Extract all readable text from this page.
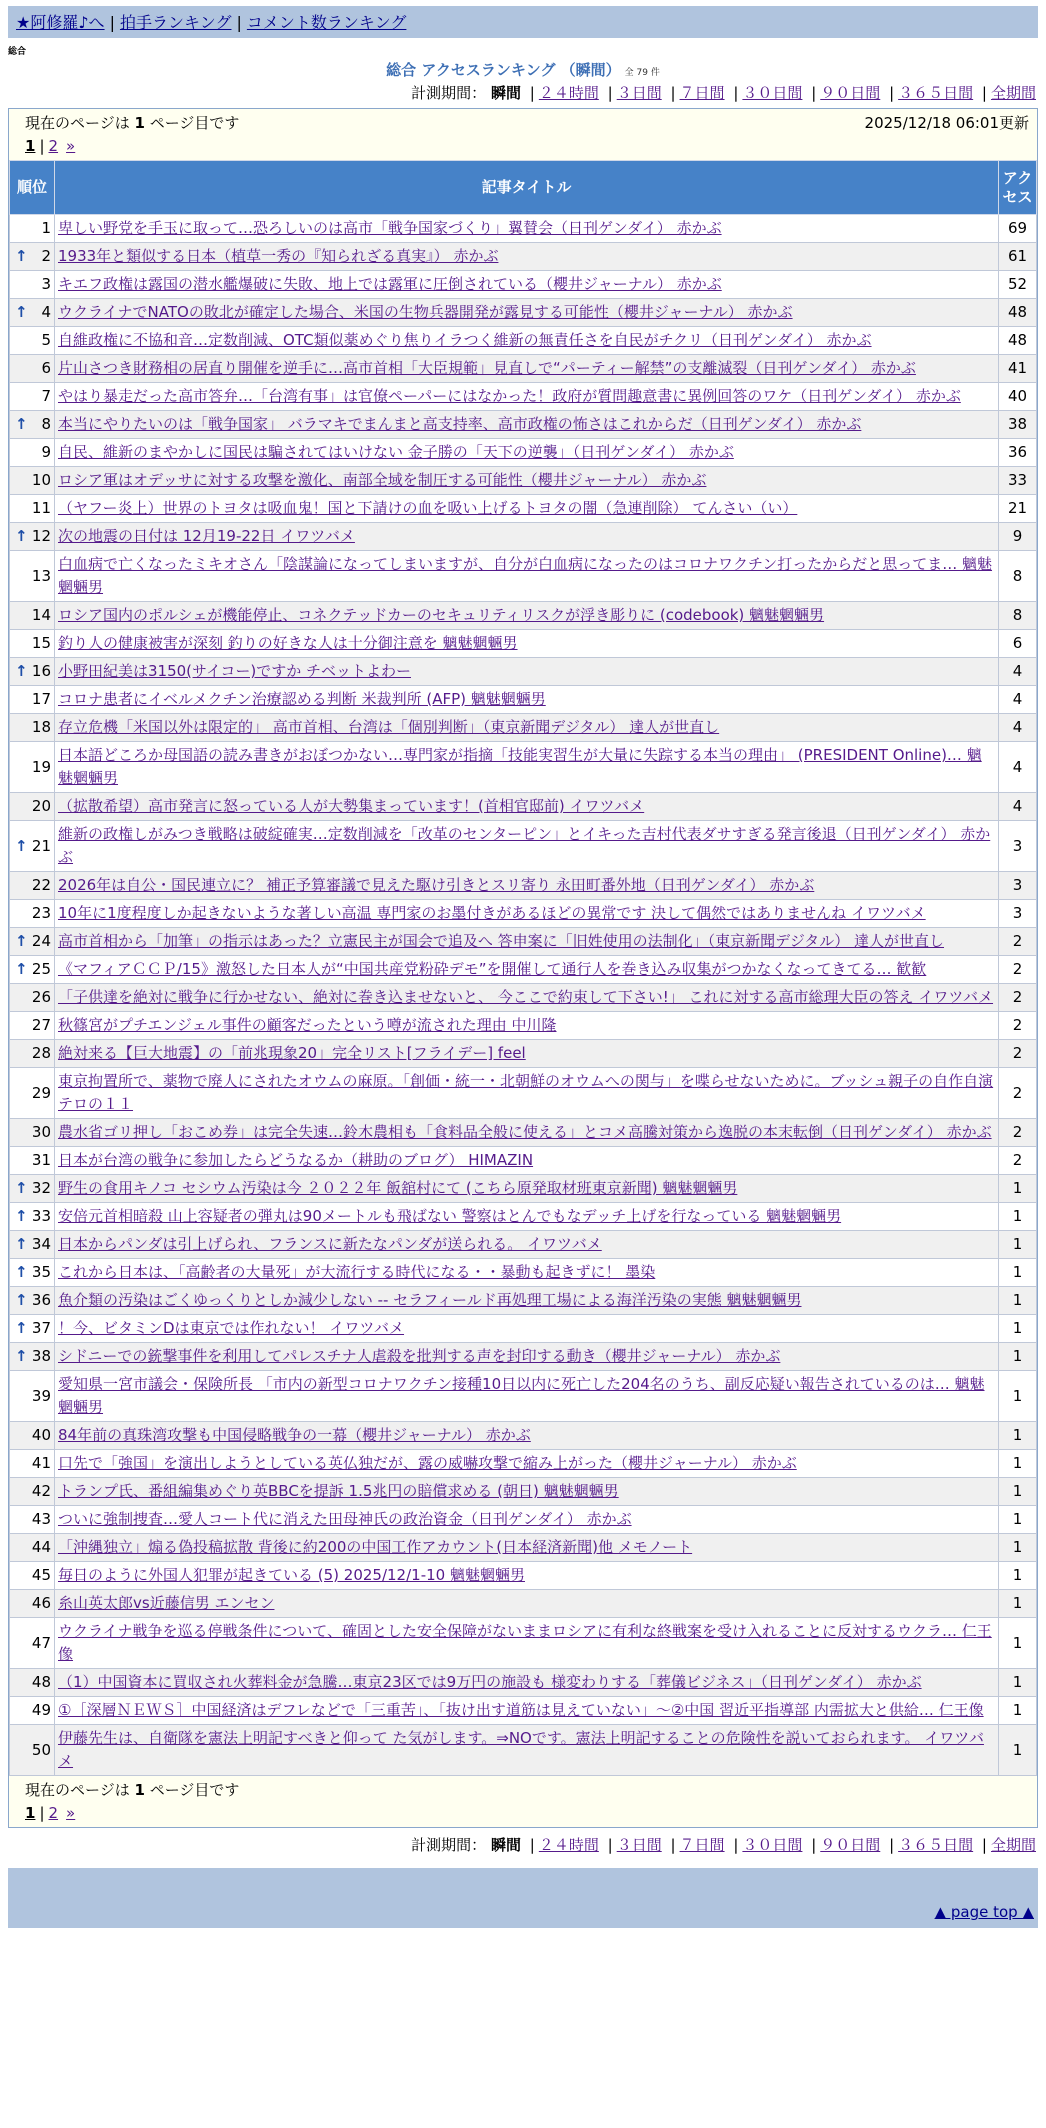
★阿修羅♪へ | 拍手ランキング | コメント数ランキング
総合
総合 アクセスランキング （瞬間） 全 79 件
計測期間： 瞬間 | ２４時間 | ３日間 | ７日間 | ３０日間 | ９０日間 | ３６５日間 | 全期間
現在のページは 1 ページ目です	2025/12/18 06:01更新
1 | 2 »
順位	記事タイトル	アクセス
1	卑しい野党を手玉に取って…恐ろしいのは高市「戦争国家づくり」翼賛会（日刊ゲンダイ） 赤かぶ	69

↑ 2	1933年と類似する日本（植草一秀の『知られざる真実』） 赤かぶ	61
3	キエフ政権は露国の潜水艦爆破に失敗、地上では露軍に圧倒されている（櫻井ジャーナル） 赤かぶ	52

↑ 4	ウクライナでNATOの敗北が確定した場合、米国の生物兵器開発が露見する可能性（櫻井ジャーナル） 赤かぶ	48
5	自維政権に不協和音…定数削減、OTC類似薬めぐり焦りイラつく維新の無責任さを自民がチクリ（日刊ゲンダイ） 赤かぶ	48
6	片山さつき財務相の居直り開催を逆手に…高市首相「大臣規範」見直しで“パーティー解禁”の支離滅裂（日刊ゲンダイ） 赤かぶ	41
7	やはり暴走だった高市答弁…「台湾有事」は官僚ペーパーにはなかった！政府が質問趣意書に異例回答のワケ（日刊ゲンダイ） 赤かぶ	40

↑ 8	本当にやりたいのは「戦争国家」 バラマキでまんまと高支持率、高市政権の怖さはこれからだ（日刊ゲンダイ） 赤かぶ	38
9	自民、維新のまやかしに国民は騙されてはいけない 金子勝の「天下の逆襲」（日刊ゲンダイ） 赤かぶ	36
10	ロシア軍はオデッサに対する攻撃を激化、南部全域を制圧する可能性（櫻井ジャーナル） 赤かぶ	33
11	（ヤフー炎上）世界のトヨタは吸血鬼！国と下請けの血を吸い上げるトヨタの闇（急連削除） てんさい（い）	21

↑ 12	次の地震の日付は 12月19-22日 イワツバメ	9
13	白血病で亡くなったミキオさん「陰謀論になってしまいますが、自分が白血病になったのはコロナワクチン打ったからだと思ってま… 魑魅魍魎男	8
14	ロシア国内のポルシェが機能停止、コネクテッドカーのセキュリティリスクが浮き彫りに (codebook) 魑魅魍魎男	8
15	釣り人の健康被害が深刻 釣りの好きな人は十分御注意を 魑魅魍魎男	6

↑ 16	小野田紀美は3150(サイコー)ですか チベットよわー	4
17	コロナ患者にイベルメクチン治療認める判断 米裁判所 (AFP) 魑魅魍魎男	4
18	存立危機「米国以外は限定的」 高市首相、台湾は「個別判断」（東京新聞デジタル） 達人が世直し	4
19	日本語どころか母国語の読み書きがおぼつかない…専門家が指摘「技能実習生が大量に失踪する本当の理由」 (PRESIDENT Online)… 魑魅魍魎男	4
20	（拡散希望）高市発言に怒っている人が大勢集まっています！(首相官邸前) イワツバメ	4

↑ 21	維新の政権しがみつき戦略は破綻確実…定数削減を「改革のセンターピン」とイキった吉村代表ダサすぎる発言後退（日刊ゲンダイ） 赤かぶ	3
22	2026年は自公・国民連立に？ 補正予算審議で見えた駆け引きとスリ寄り 永田町番外地（日刊ゲンダイ） 赤かぶ	3
23	10年に1度程度しか起きないような著しい高温 専門家のお墨付きがあるほどの異常です 決して偶然ではありませんね イワツバメ	3

↑ 24	高市首相から「加筆」の指示はあった？立憲民主が国会で追及へ 答申案に「旧姓使用の法制化」（東京新聞デジタル） 達人が世直し	2

↑ 25	《マフィアＣＣＰ/15》激怒した日本人が“中国共産党粉砕デモ”を開催して通行人を巻き込み収集がつかなくなってきてる… 歓歓	2
26	「子供達を絶対に戦争に行かせない、絶対に巻き込ませないと、 今ここで約束して下さい!」 これに対する高市総理大臣の答え イワツバメ	2
27	秋篠宮がプチエンジェル事件の顧客だったという噂が流された理由 中川隆	2
28	絶対来る【巨大地震】の「前兆現象20」完全リスト[フライデー] feel	2
29	東京拘置所で、薬物で廃人にされたオウムの麻原。「創価・統一・北朝鮮のオウムへの関与」を喋らせないために。ブッシュ親子の自作自演テロの１１	2
30	農水省ゴリ押し「おこめ券」は完全失速…鈴木農相も「食料品全般に使える」とコメ高騰対策から逸脱の本末転倒（日刊ゲンダイ） 赤かぶ	2
31	日本が台湾の戦争に参加したらどうなるか（耕助のブログ） HIMAZIN	2

↑ 32	野生の食用キノコ セシウム汚染は今 ２０２２年 飯舘村にて (こちら原発取材班東京新聞) 魑魅魍魎男	1

↑ 33	安倍元首相暗殺 山上容疑者の弾丸は90メートルも飛ばない 警察はとんでもなデッチ上げを行なっている 魑魅魍魎男	1

↑ 34	日本からパンダは引上げられ、フランスに新たなパンダが送られる。 イワツバメ	1

↑ 35	これから日本は、「高齢者の大量死」が大流行する時代になる・・暴動も起きずに！ 墨染	1

↑ 36	魚介類の汚染はごくゆっくりとしか減少しない -- セラフィールド再処理工場による海洋汚染の実態 魑魅魍魎男	1

↑ 37	！今、ビタミンDは東京では作れない！ イワツバメ	1

↑ 38	シドニーでの銃撃事件を利用してパレスチナ人虐殺を批判する声を封印する動き（櫻井ジャーナル） 赤かぶ	1
39	愛知県一宮市議会・保険所長 「市内の新型コロナワクチン接種10日以内に死亡した204名のうち、副反応疑い報告されているのは… 魑魅魍魎男	1
40	84年前の真珠湾攻撃も中国侵略戦争の一幕（櫻井ジャーナル） 赤かぶ	1
41	口先で「強国」を演出しようとしている英仏独だが、露の威嚇攻撃で縮み上がった（櫻井ジャーナル） 赤かぶ	1
42	トランプ氏、番組編集めぐり英BBCを提訴 1.5兆円の賠償求める (朝日) 魑魅魍魎男	1
43	ついに強制捜査…愛人コート代に消えた田母神氏の政治資金（日刊ゲンダイ） 赤かぶ	1
44	「沖縄独立」煽る偽投稿拡散 背後に約200の中国工作アカウント(日本経済新聞)他 メモノート	1
45	毎日のように外国人犯罪が起きている (5) 2025/12/1-10 魑魅魍魎男	1
46	糸山英太郎vs近藤信男 エンセン	1
47	ウクライナ戦争を巡る停戦条件について、確固とした安全保障がないままロシアに有利な終戦案を受け入れることに反対するウクラ… 仁王像	1
48	（1）中国資本に買収され火葬料金が急騰…東京23区では9万円の施設も 様変わりする「葬儀ビジネス」（日刊ゲンダイ） 赤かぶ	1
49	①［深層ＮＥＷＳ］中国経済はデフレなどで「三重苦」、「抜け出す道筋は見えていない」〜②中国 習近平指導部 内需拡大と供給… 仁王像	1
50	伊藤先生は、自衛隊を憲法上明記すべきと仰って た気がします。⇒NOです。憲法上明記することの危険性を説いておられます。 イワツバメ	1
現在のページは 1 ページ目です
1 | 2 »
計測期間： 瞬間 | ２４時間 | ３日間 | ７日間 | ３０日間 | ９０日間 | ３６５日間 | 全期間
▲ page top ▲
